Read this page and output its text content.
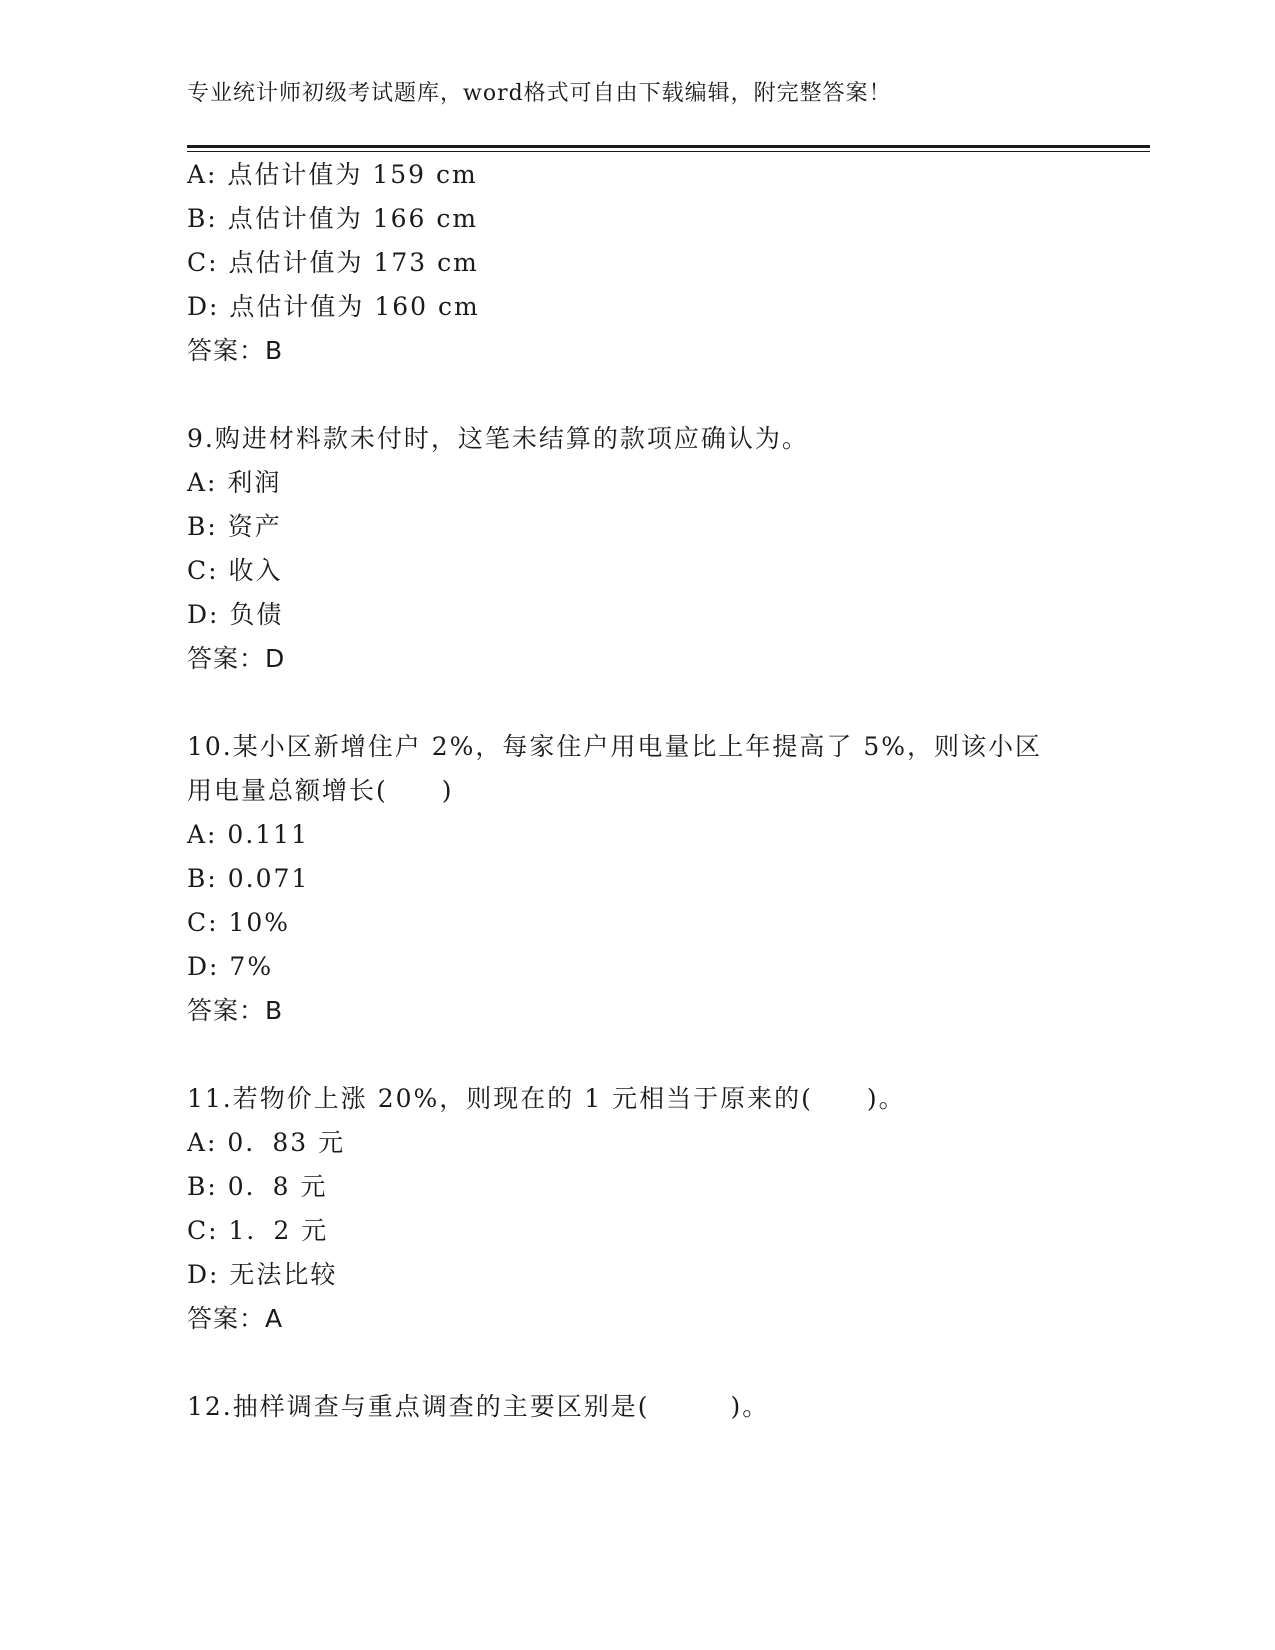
专业统计师初级考试题库，word格式可自由下载编辑，附完整答案！
A: 点估计值为 159 cm
B: 点估计值为 166 cm
C: 点估计值为 173 cm
D: 点估计值为 160 cm
答案：B
9.购进材料款未付时，这笔未结算的款项应确认为。
A: 利润
B: 资产
C: 收入
D: 负债
答案：D
10.某小区新增住户 2%，每家住户用电量比上年提高了 5%，则该小区
用电量总额增长(　　)
A: 0.111
B: 0.071
C: 10%
D: 7%
答案：B
11.若物价上涨 20%，则现在的 1 元相当于原来的(　　)。
A: 0．83 元
B: 0．8 元
C: 1．2 元
D: 无法比较
答案：A
12.抽样调查与重点调查的主要区别是(　　　)。
